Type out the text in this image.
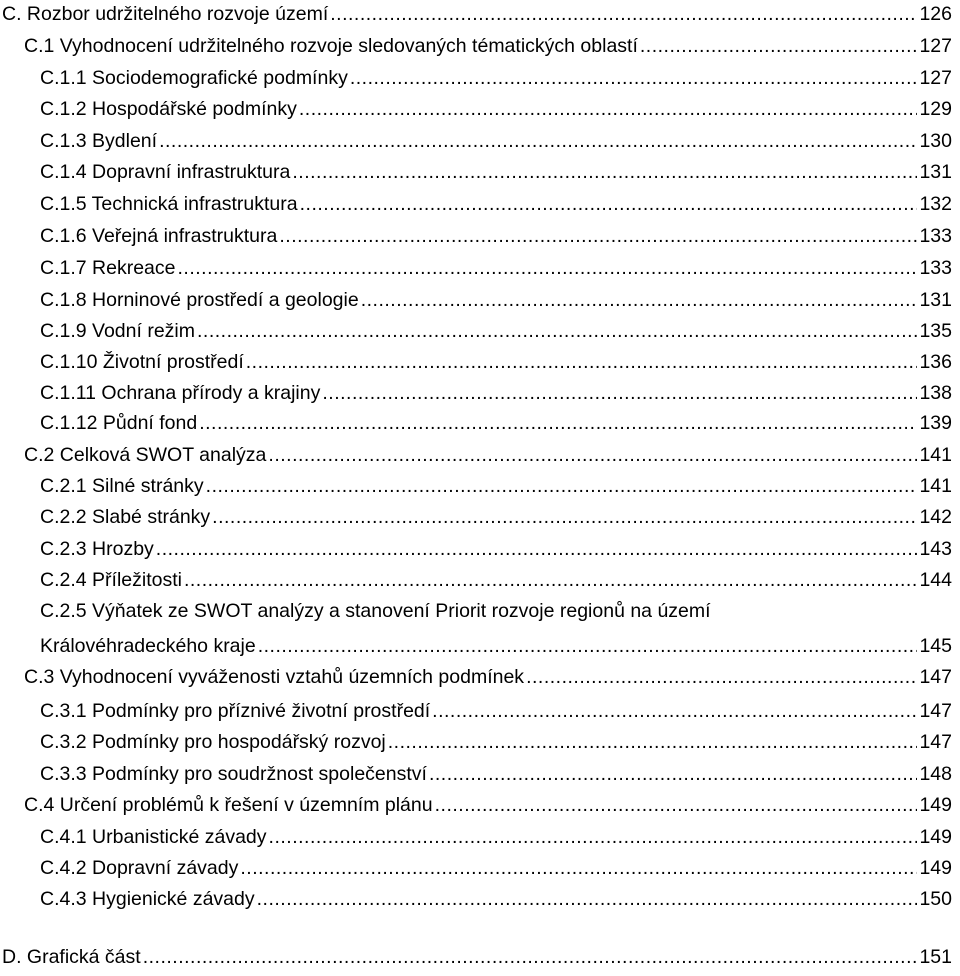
C. Rozbor udržitelného rozvoje území .....	126
C.1 Vyhodnocení udržitelného rozvoje sledovaných tématických oblastí .....	127
C.1.1 Sociodemografické podmínky .....	127
C.1.2 Hospodářské podmínky .....	129
C.1.3 Bydlení .....	130
C.1.4 Dopravní infrastruktura .....	131
C.1.5 Technická infrastruktura .....	132
C.1.6 Veřejná infrastruktura .....	133
C.1.7 Rekreace .....	133
C.1.8 Horninové prostředí a geologie .....	131
C.1.9 Vodní režim .....	135
C.1.10 Životní prostředí .....	136
C.1.11 Ochrana přírody a krajiny .....	138
C.1.12 Půdní fond .....	139
C.2 Celková SWOT analýza .....	141
C.2.1 Silné stránky .....	141
C.2.2 Slabé stránky .....	142
C.2.3 Hrozby .....	143
C.2.4 Příležitosti .....	144
C.2.5 Výňatek ze SWOT analýzy a stanovení Priorit rozvoje regionů na území
Královéhradeckého kraje .....	145
C.3 Vyhodnocení vyváženosti vztahů územních podmínek .....	147
C.3.1 Podmínky pro příznivé životní prostředí .....	147
C.3.2 Podmínky pro hospodářský rozvoj .....	147
C.3.3 Podmínky pro soudržnost společenství .....	148
C.4 Určení problémů k řešení v územním plánu .....	149
C.4.1 Urbanistické závady .....	149
C.4.2 Dopravní závady .....	149
C.4.3 Hygienické závady .....	150
D. Grafická část .....	151
